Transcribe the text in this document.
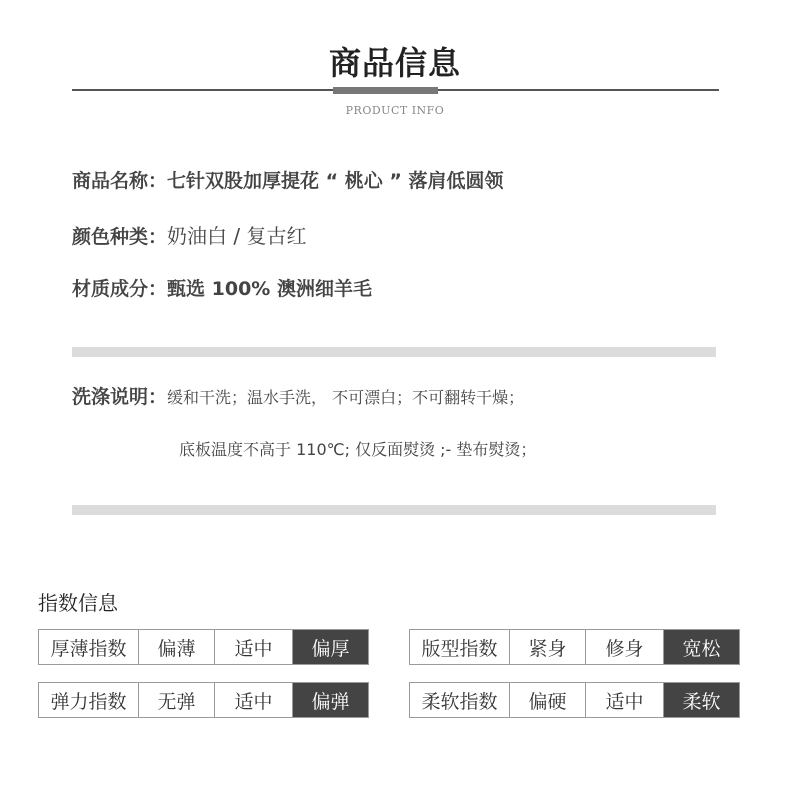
商品信息
PRODUCT INFO
商品名称：七针双股加厚提花 “ 桃心 ” 落肩低圆领
颜色种类：奶油白 / 复古红
材质成分：甄选 100% 澳洲细羊毛
洗涤说明：缓和干洗；温水手洗， 不可漂白；不可翻转干燥；
底板温度不高于 110℃; 仅反面熨烫 ;- 垫布熨烫；
指数信息
厚薄指数	偏薄	适中	偏厚	版型指数	紧身	修身	宽松
弹力指数	无弹	适中	偏弹	柔软指数	偏硬	适中	柔软
